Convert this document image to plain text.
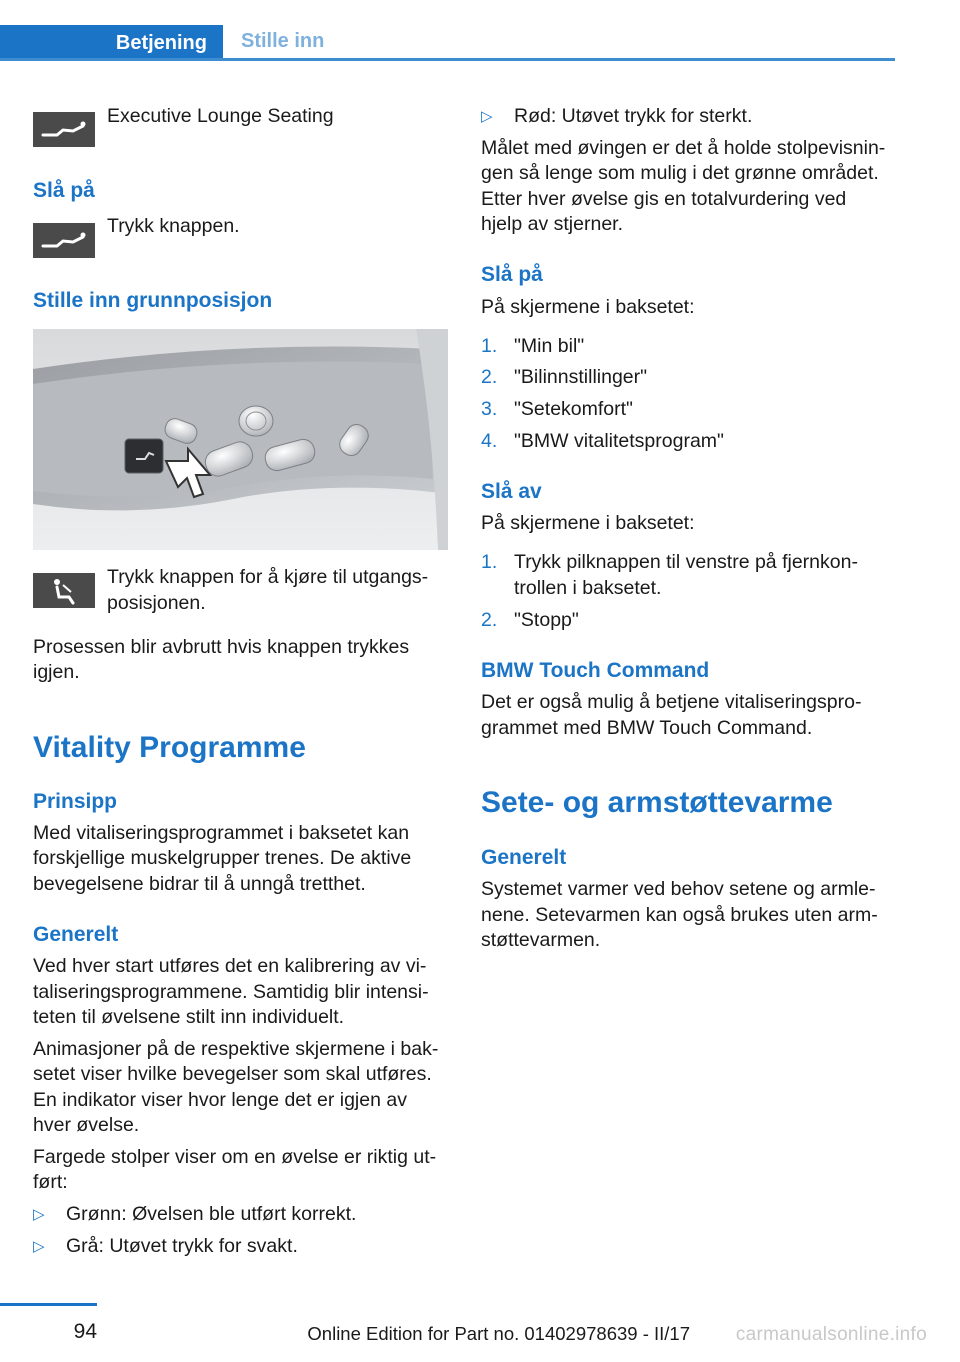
Betjening	Stille inn
Executive Lounge Seating
Slå på
Trykk knappen.
Stille inn grunnposisjon
Trykk knappen for å kjøre til utgangs‐
posisjonen.
Prosessen blir avbrutt hvis knappen trykkes
igjen.
Vitality Programme
Prinsipp
Med vitaliseringsprogrammet i baksetet kan
forskjellige muskelgrupper trenes. De aktive
bevegelsene bidrar til å unngå tretthet.
Generelt
Ved hver start utføres det en kalibrering av vi‐
taliseringsprogrammene. Samtidig blir intensi‐
teten til øvelsene stilt inn individuelt.
Animasjoner på de respektive skjermene i bak‐
setet viser hvilke bevegelser som skal utføres.
En indikator viser hvor lenge det er igjen av
hver øvelse.
Fargede stolper viser om en øvelse er riktig ut‐
ført:
▷ Grønn: Øvelsen ble utført korrekt.
▷ Grå: Utøvet trykk for svakt.
▷ Rød: Utøvet trykk for sterkt.
Målet med øvingen er det å holde stolpevisnin‐
gen så lenge som mulig i det grønne området.
Etter hver øvelse gis en totalvurdering ved
hjelp av stjerner.
Slå på
På skjermene i baksetet:
1. "Min bil"
2. "Bilinnstillinger"
3. "Setekomfort"
4. "BMW vitalitetsprogram"
Slå av
På skjermene i baksetet:
1. Trykk pilknappen til venstre på fjernkon‐
trollen i baksetet.
2. "Stopp"
BMW Touch Command
Det er også mulig å betjene vitaliseringspro‐
grammet med BMW Touch Command.
Sete- og armstøttevarme
Generelt
Systemet varmer ved behov setene og armle‐
nene. Setevarmen kan også brukes uten arm‐
støttevarmen.
94	Online Edition for Part no. 01402978639 - II/17 carmanualsonline.info
